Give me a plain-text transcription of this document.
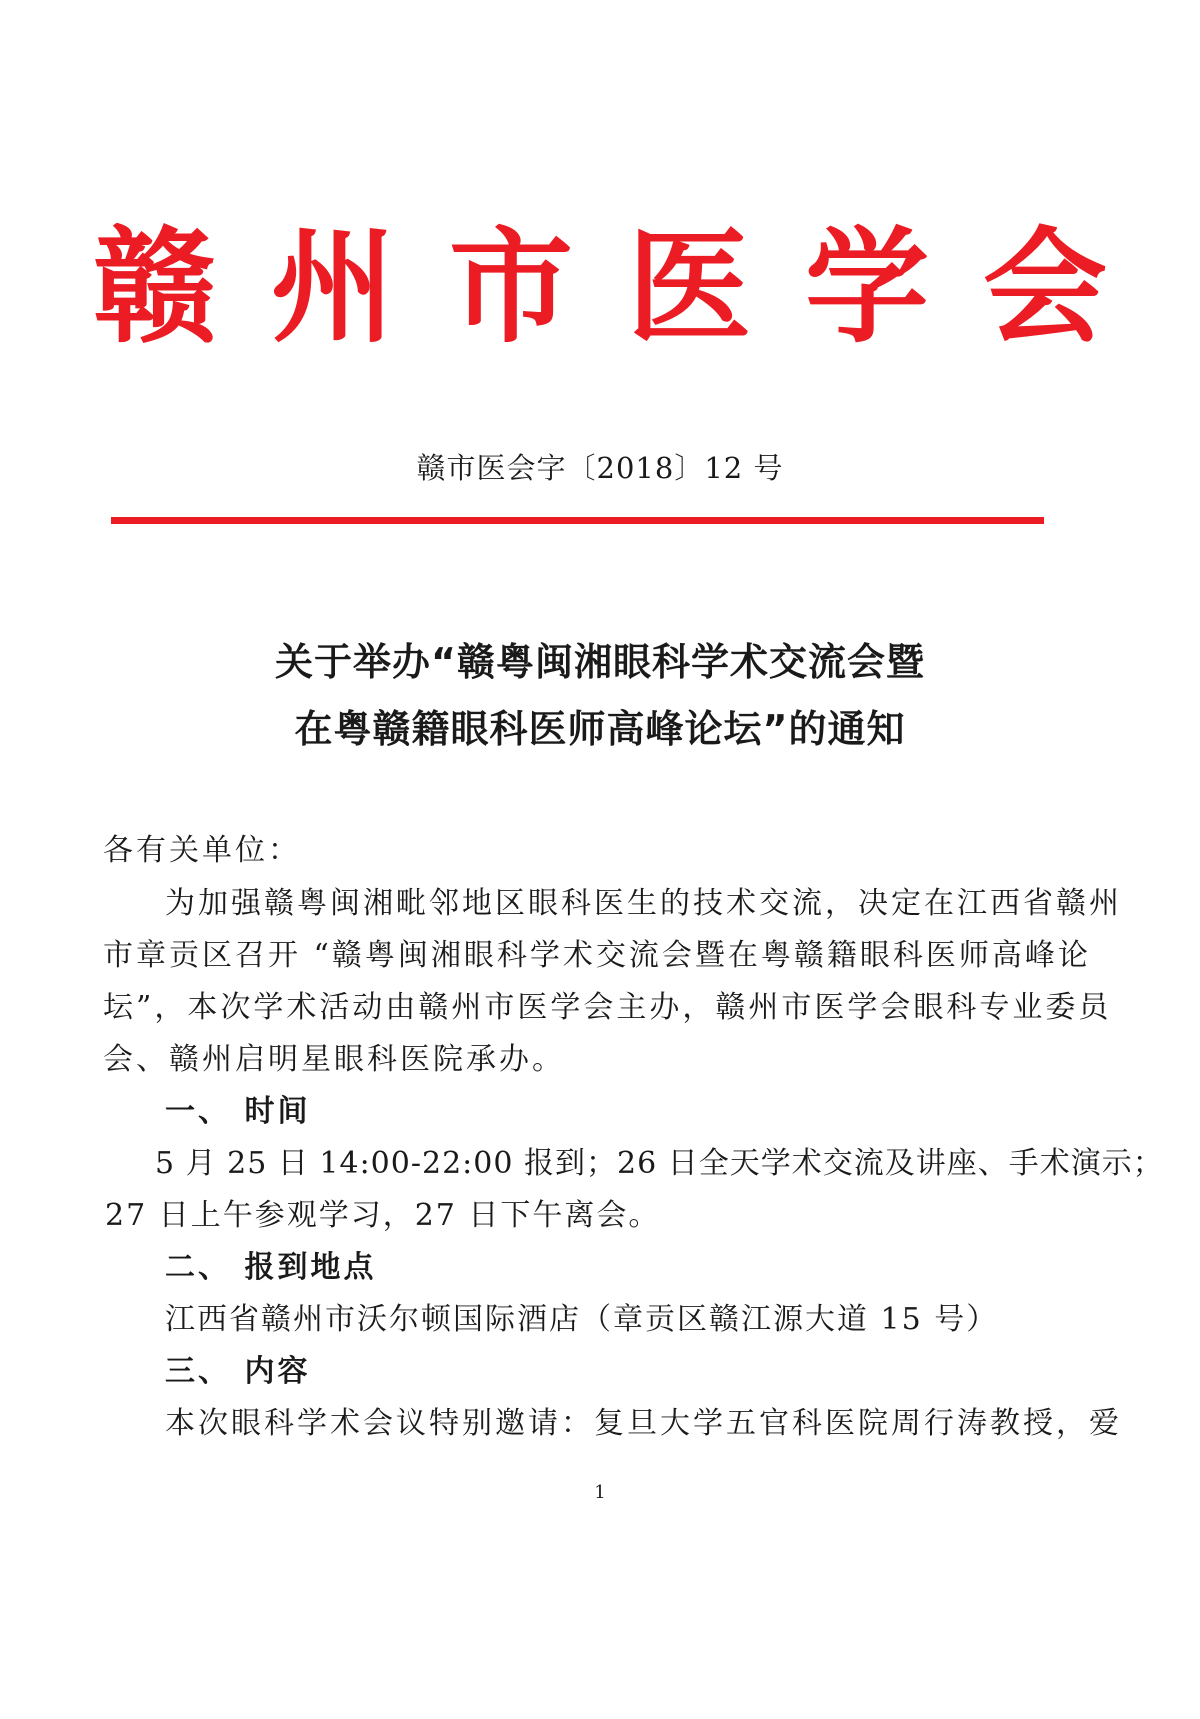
赣 州 市 医 学 会
赣市医会字〔2018〕12 号
关于举办“赣粤闽湘眼科学术交流会暨
在粤赣籍眼科医师高峰论坛”的通知
各有关单位：
为加强赣粤闽湘毗邻地区眼科医生的技术交流，决定在江西省赣州
市章贡区召开 “赣粤闽湘眼科学术交流会暨在粤赣籍眼科医师高峰论
坛”，本次学术活动由赣州市医学会主办，赣州市医学会眼科专业委员
会、赣州启明星眼科医院承办。
一、 时间
5 月 25 日 14:00-22:00 报到；26 日全天学术交流及讲座、手术演示；
27 日上午参观学习，27 日下午离会。
二、 报到地点
江西省赣州市沃尔顿国际酒店（章贡区赣江源大道 15 号）
三、 内容
本次眼科学术会议特别邀请：复旦大学五官科医院周行涛教授，爱
1
